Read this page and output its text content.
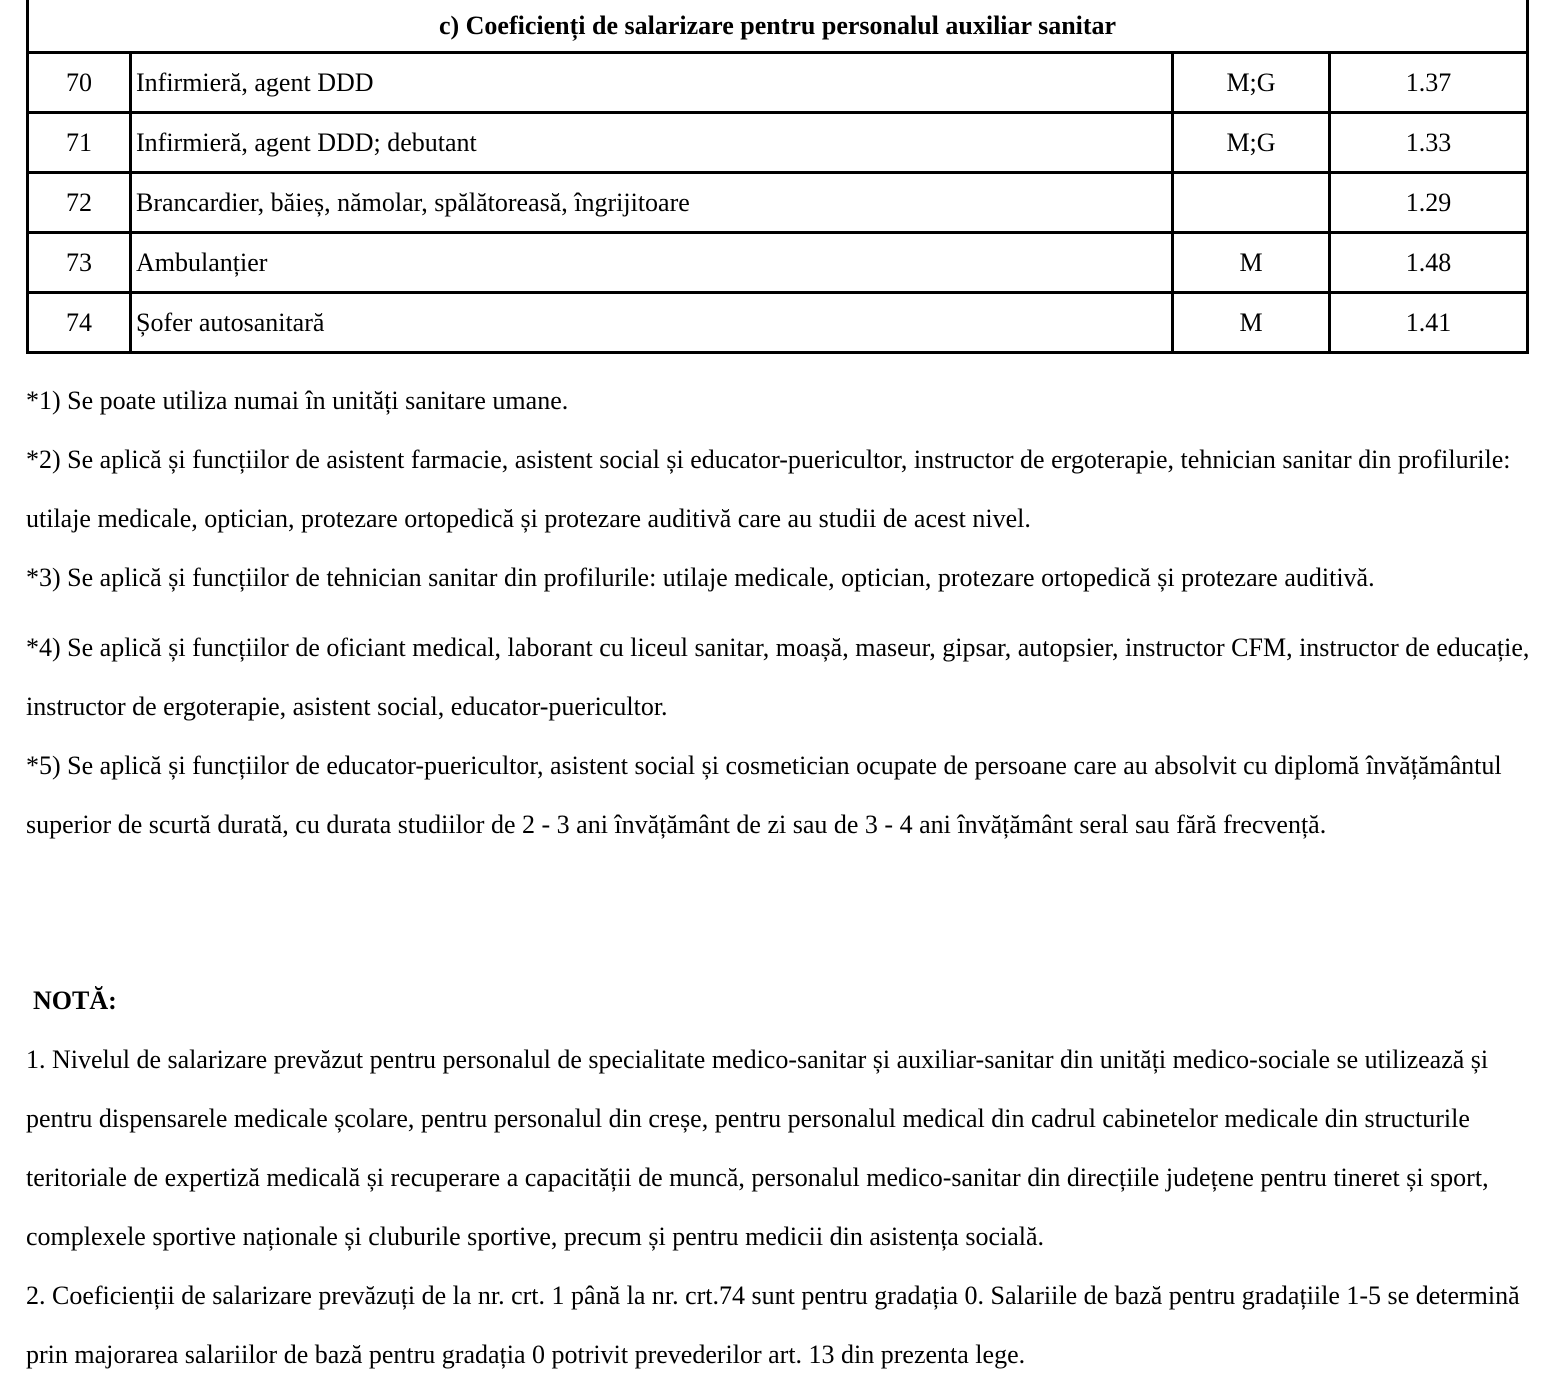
c) Coeficienți de salarizare pentru personalul auxiliar sanitar			
70	Infirmieră, agent DDD	M;G	1.37
71	Infirmieră, agent DDD; debutant	M;G	1.33
72	Brancardier, băieș, nămolar, spălătoreasă, îngrijitoare		1.29
73	Ambulanțier	M	1.48
74	Șofer autosanitară	M	1.41

*1) Se poate utiliza numai în unități sanitare umane.

*2) Se aplică și funcțiilor de asistent farmacie, asistent social și educator-puericultor, instructor de ergoterapie, tehnician sanitar din profilurile: utilaje medicale, optician, protezare ortopedică și protezare auditivă care au studii de acest nivel.

*3) Se aplică și funcțiilor de tehnician sanitar din profilurile: utilaje medicale, optician, protezare ortopedică și protezare auditivă.

*4) Se aplică și funcțiilor de oficiant medical, laborant cu liceul sanitar, moașă, maseur, gipsar, autopsier, instructor CFM, instructor de educație, instructor de ergoterapie, asistent social, educator-puericultor.
*5) Se aplică și funcțiilor de educator-puericultor, asistent social și cosmetician ocupate de persoane care au absolvit cu diplomă învățământul superior de scurtă durată, cu durata studiilor de 2 - 3 ani învățământ de zi sau de 3 - 4 ani învățământ seral sau fără frecvență.

NOTĂ:

1. Nivelul de salarizare prevăzut pentru personalul de specialitate medico-sanitar și auxiliar-sanitar din unități medico-sociale se utilizează și pentru dispensarele medicale școlare, pentru personalul din creșe, pentru personalul medical din cadrul cabinetelor medicale din structurile teritoriale de expertiză medicală și recuperare a capacității de muncă, personalul medico-sanitar din direcțiile județene pentru tineret și sport, complexele sportive naționale și cluburile sportive, precum și pentru medicii din asistența socială.
2. Coeficienții de salarizare prevăzuți de la nr. crt. 1 până la nr. crt.74 sunt pentru gradația 0. Salariile de bază pentru gradațiile 1-5 se determină prin majorarea salariilor de bază pentru gradația 0 potrivit prevederilor art. 13 din prezenta lege.
